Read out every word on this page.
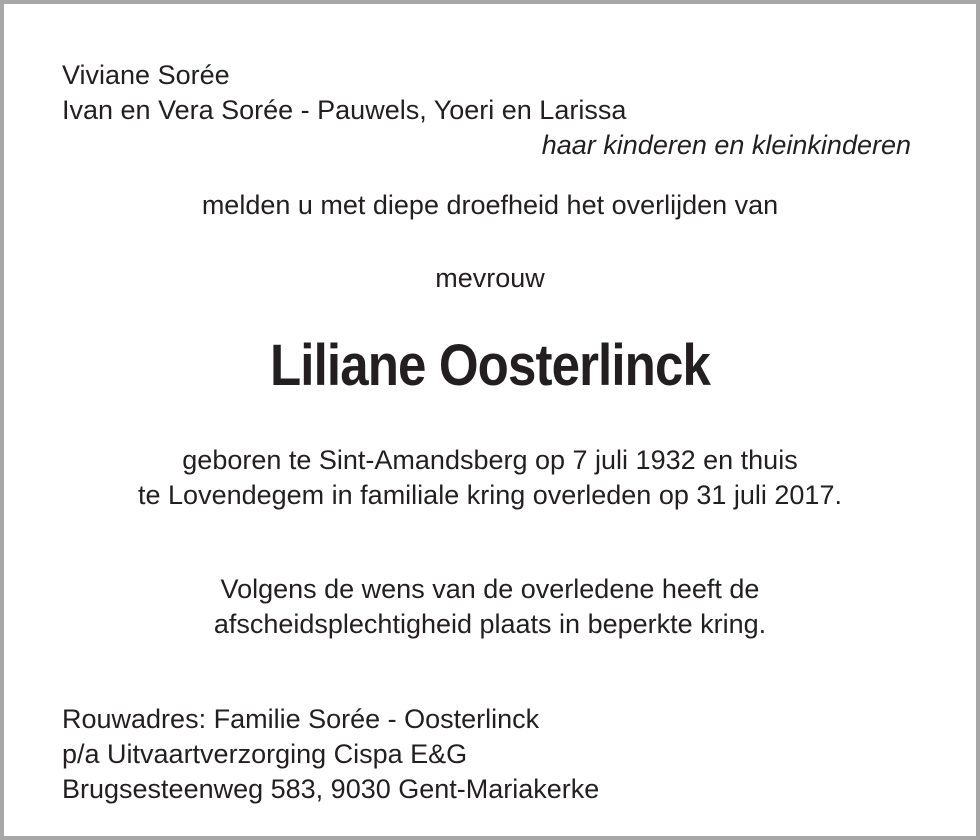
Viviane Sorée
Ivan en Vera Sorée - Pauwels, Yoeri en Larissa
haar kinderen en kleinkinderen
melden u met diepe droefheid het overlijden van
mevrouw
Liliane Oosterlinck
geboren te Sint-Amandsberg op 7 juli 1932 en thuis
te Lovendegem in familiale kring overleden op 31 juli 2017.
Volgens de wens van de overledene heeft de
afscheidsplechtigheid plaats in beperkte kring.
Rouwadres: Familie Sorée - Oosterlinck
p/a Uitvaartverzorging Cispa E&G
Brugsesteenweg 583, 9030 Gent-Mariakerke
